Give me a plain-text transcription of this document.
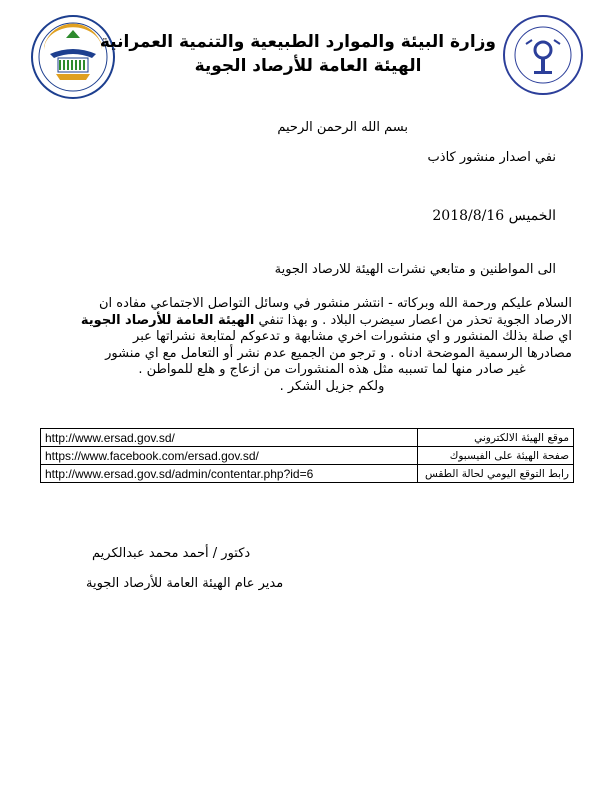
وزارة البيئة والموارد الطبيعية والتنمية العمرانية
الهيئة العامة للأرصاد الجوية
بسم الله الرحمن الرحيم
نفي اصدار منشور كاذب
الخميس 2018/8/16
الى المواطنين و متابعي نشرات الهيئة للارصاد الجوية
السلام عليكم ورحمة الله وبركاته - انتشر منشور في وسائل التواصل الاجتماعي مفاده ان
الارصاد الجوية تحذر من اعصار سيضرب البلاد . و بهذا تنفي الهيئة العامة للأرصاد الجوية
اي صلة بذلك المنشور و اي منشورات اخري مشابهة و تدعوكم لمتابعة نشراتها عبر
مصادرها الرسمية الموضحة ادناه . و ترجو من الجميع عدم نشر أو التعامل مع اي منشور
غير صادر منها لما تسببه مثل هذه المنشورات من ازعاج و هلع للمواطن .
ولكم جزيل الشكر .
http://www.ersad.gov.sd/	موقع الهيئة الالكتروني
https://www.facebook.com/ersad.gov.sd/	صفحة الهيئة على الفيسبوك
http://www.ersad.gov.sd/admin/contentar.php?id=6	رابط التوقع اليومي لحالة الطقس
دكتور / أحمد محمد عبدالكريم
مدير عام الهيئة العامة للأرصاد الجوية
